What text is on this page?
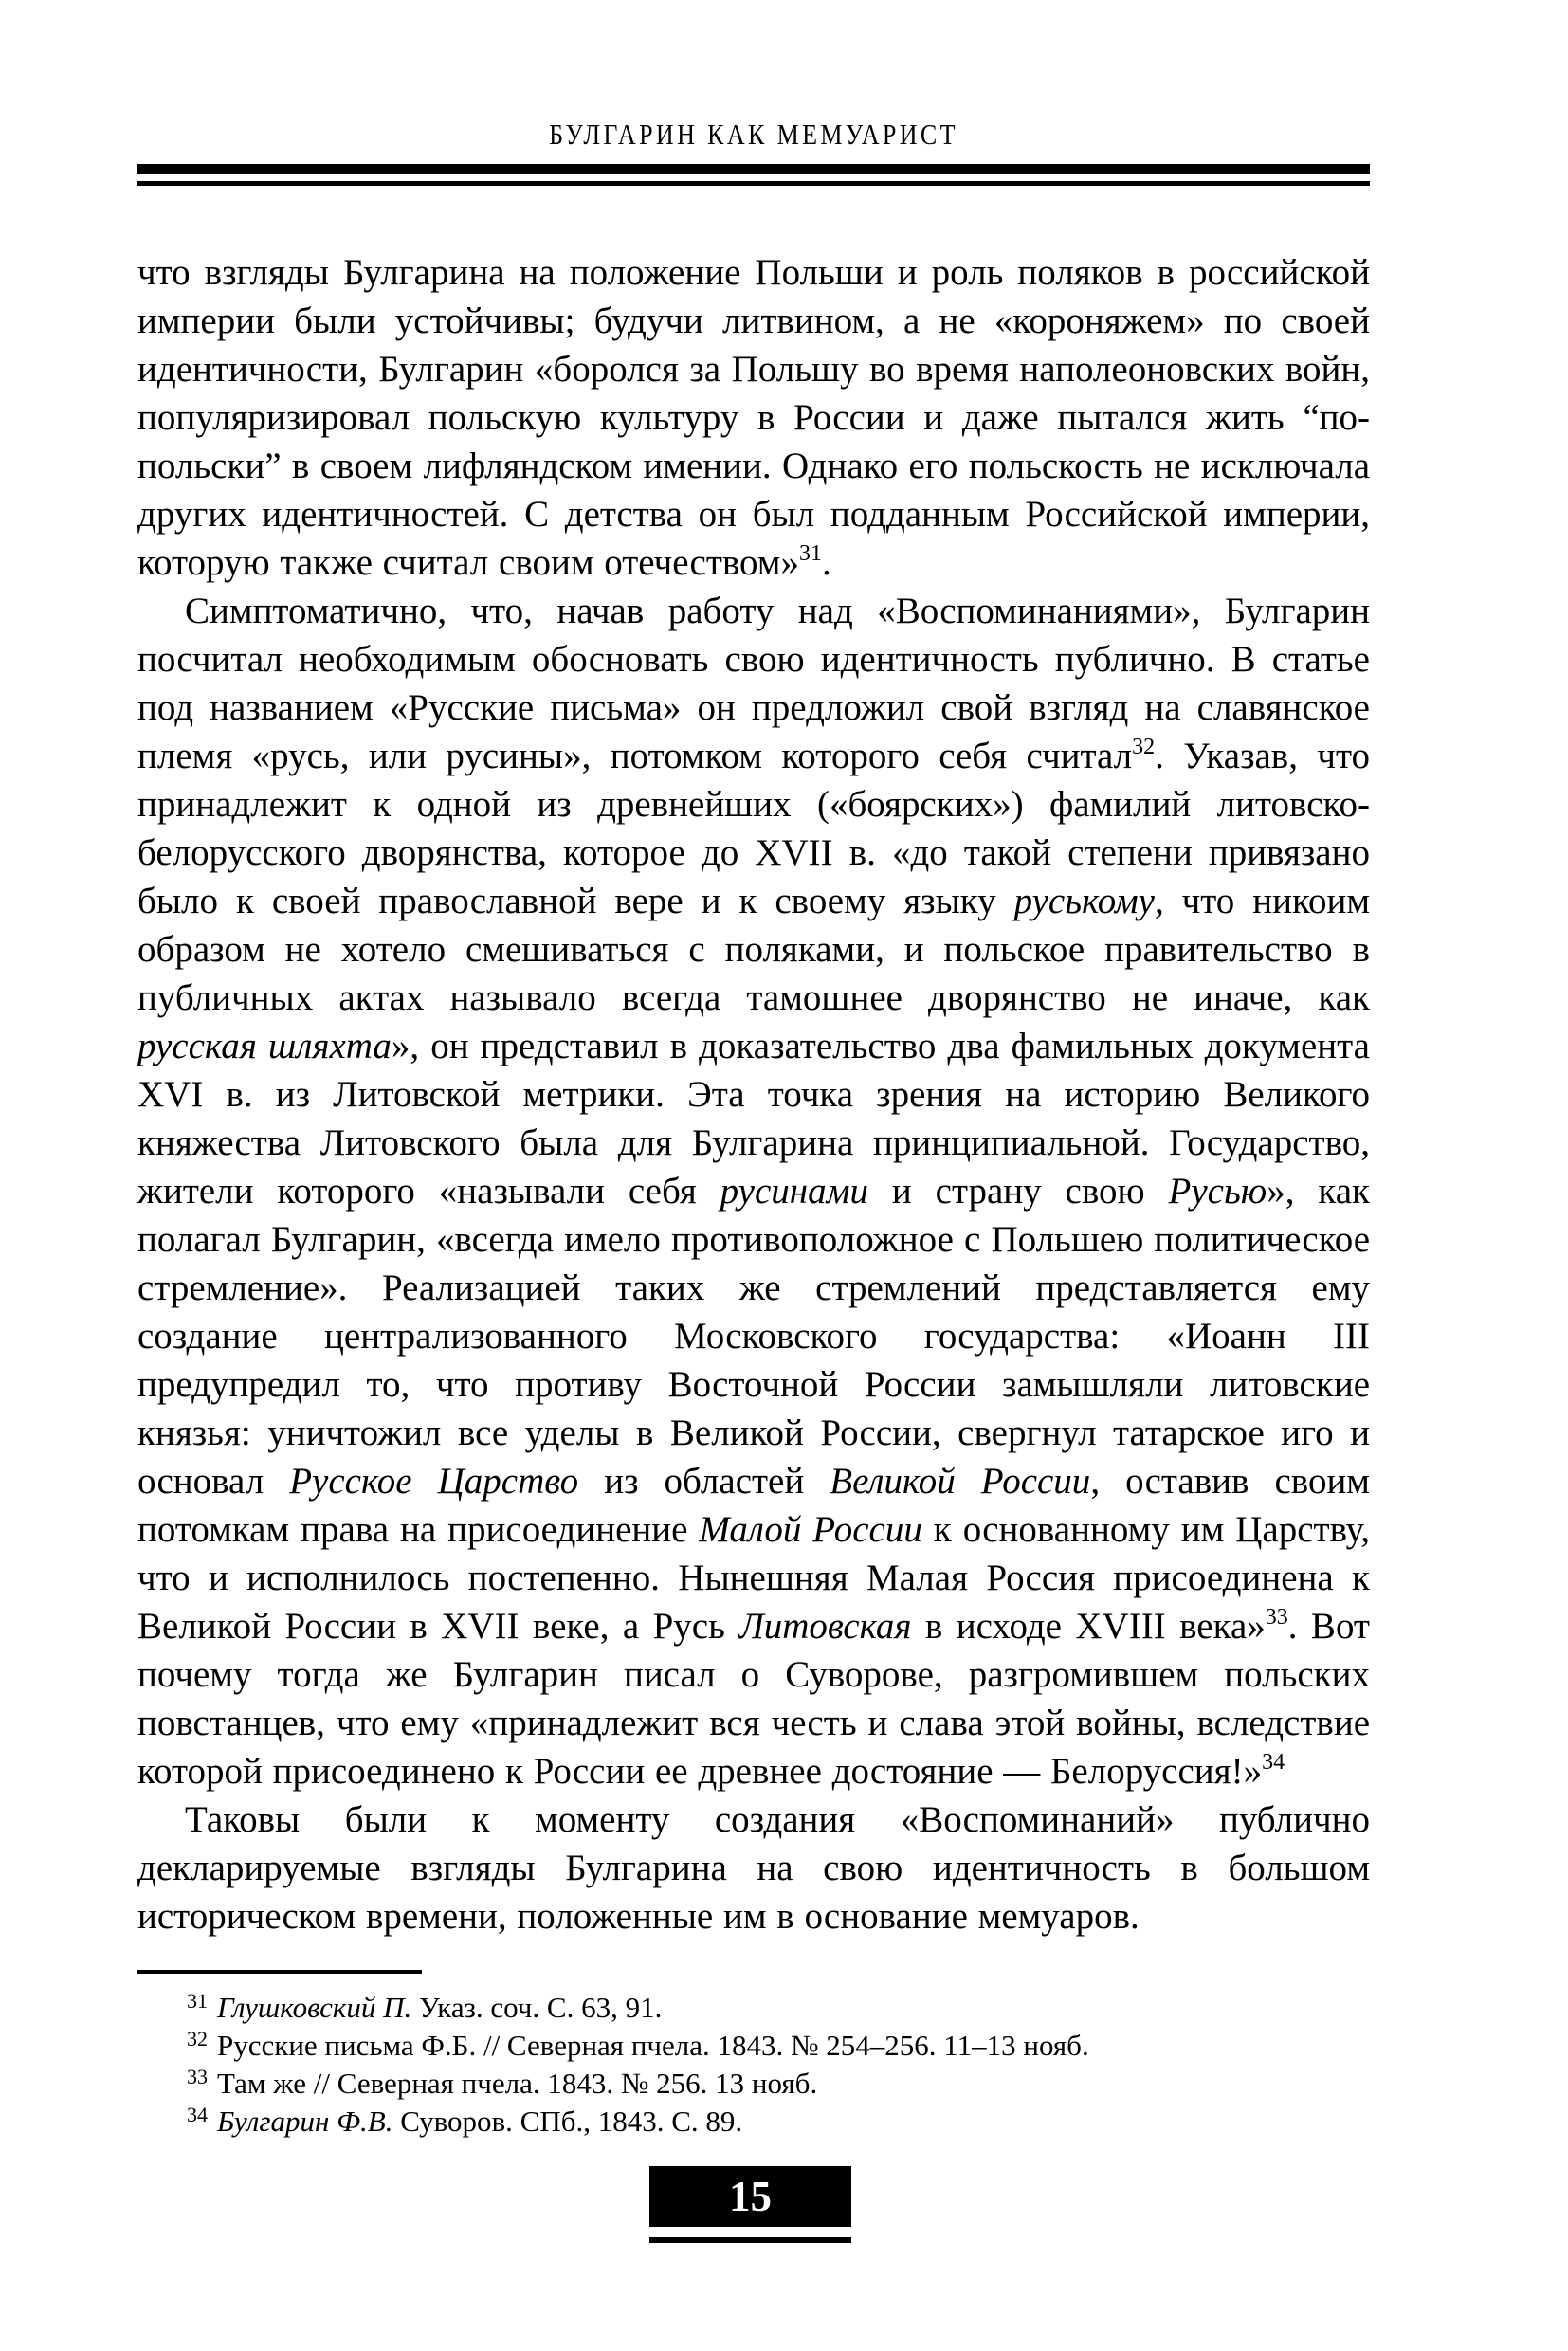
БУЛГАРИН КАК МЕМУАРИСТ

что взгляды Булгарина на положение Польши и роль поляков в российской империи были устойчивы; будучи литвином, а не «короняжем» по своей идентичности, Булгарин «боролся за Польшу во время наполеоновских войн, популяризировал польскую культуру в России и даже пытался жить “по-польски” в своем лифляндском имении. Однако его польскость не исключала других идентичностей. С детства он был подданным Российской империи, которую также считал своим отечеством»$^{31}$.

Симптоматично, что, начав работу над «Воспоминаниями», Булгарин посчитал необходимым обосновать свою идентичность публично. В статье под названием «Русские письма» он предложил свой взгляд на славянское племя «русь, или русины», потомком которого себя считал$^{32}$. Указав, что принадлежит к одной из древнейших («боярских») фамилий литовско-белорусского дворянства, которое до XVII в. «до такой степени привязано было к своей православной вере и к своему языку руському, что никоим образом не хотело смешиваться с поляками, и польское правительство в публичных актах называло всегда тамошнее дворянство не иначе, как русская шляхта», он представил в доказательство два фамильных документа XVI в. из Литовской метрики. Эта точка зрения на историю Великого княжества Литовского была для Булгарина принципиальной. Государство, жители которого «называли себя русинами и страну свою Русью», как полагал Булгарин, «всегда имело противоположное с Польшею политическое стремление». Реализацией таких же стремлений представляется ему создание централизованного Московского государства: «Иоанн III предупредил то, что противу Восточной России замышляли литовские князья: уничтожил все уделы в Великой России, свергнул татарское иго и основал Русское Царство из областей Великой России, оставив своим потомкам права на присоединение Малой России к основанному им Царству, что и исполнилось постепенно. Нынешняя Малая Россия присоединена к Великой России в XVII веке, а Русь Литовская в исходе XVIII века»$^{33}$. Вот почему тогда же Булгарин писал о Суворове, разгромившем польских повстанцев, что ему «принадлежит вся честь и слава этой войны, вследствие которой присоединено к России ее древнее достояние — Белоруссия!»$^{34}$

Таковы были к моменту создания «Воспоминаний» публично декларируемые взгляды Булгарина на свою идентичность в большом историческом времени, положенные им в основание мемуаров.

$^{31}$ Глушковский П. Указ. соч. С. 63, 91.
$^{32}$ Русские письма Ф.Б. // Северная пчела. 1843. № 254–256. 11–13 нояб.
$^{33}$ Там же // Северная пчела. 1843. № 256. 13 нояб.
$^{34}$ Булгарин Ф.В. Суворов. СПб., 1843. С. 89.
15
